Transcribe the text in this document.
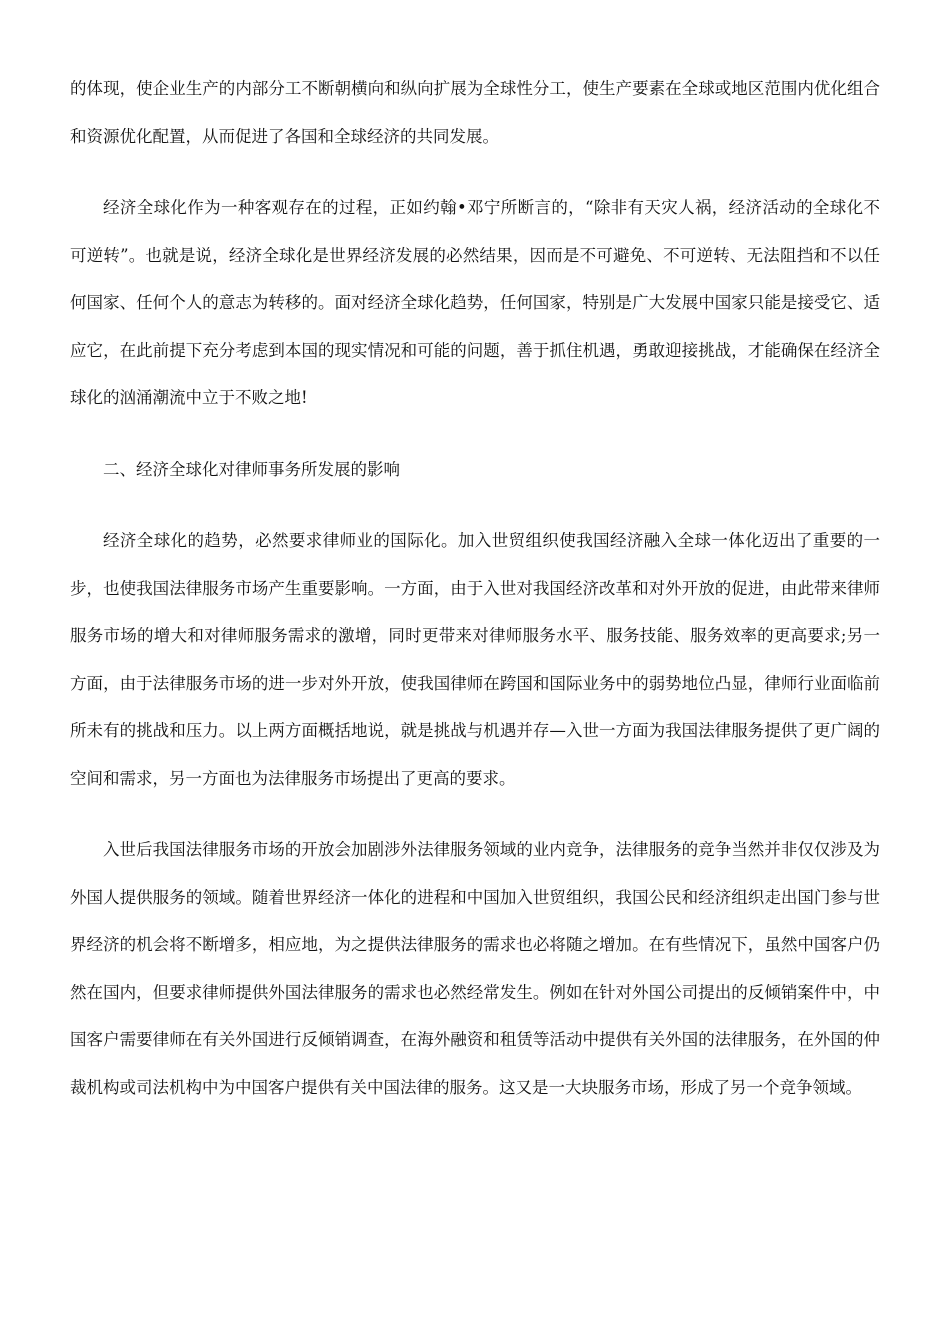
的体现，使企业生产的内部分工不断朝横向和纵向扩展为全球性分工，使生产要素在全球或地区范围内优化组合和资源优化配置，从而促进了各国和全球经济的共同发展。

经济全球化作为一种客观存在的过程，正如约翰•邓宁所断言的，“除非有天灾人祸，经济活动的全球化不可逆转”。也就是说，经济全球化是世界经济发展的必然结果，因而是不可避免、不可逆转、无法阻挡和不以任何国家、任何个人的意志为转移的。面对经济全球化趋势，任何国家，特别是广大发展中国家只能是接受它、适应它，在此前提下充分考虑到本国的现实情况和可能的问题，善于抓住机遇，勇敢迎接挑战，才能确保在经济全球化的汹涌潮流中立于不败之地!

二、经济全球化对律师事务所发展的影响

经济全球化的趋势，必然要求律师业的国际化。加入世贸组织使我国经济融入全球一体化迈出了重要的一步，也使我国法律服务市场产生重要影响。一方面，由于入世对我国经济改革和对外开放的促进，由此带来律师服务市场的增大和对律师服务需求的激增，同时更带来对律师服务水平、服务技能、服务效率的更高要求;另一方面，由于法律服务市场的进一步对外开放，使我国律师在跨国和国际业务中的弱势地位凸显，律师行业面临前所未有的挑战和压力。以上两方面概括地说，就是挑战与机遇并存—入世一方面为我国法律服务提供了更广阔的空间和需求，另一方面也为法律服务市场提出了更高的要求。

入世后我国法律服务市场的开放会加剧涉外法律服务领域的业内竞争，法律服务的竞争当然并非仅仅涉及为外国人提供服务的领域。随着世界经济一体化的进程和中国加入世贸组织，我国公民和经济组织走出国门参与世界经济的机会将不断增多，相应地，为之提供法律服务的需求也必将随之增加。在有些情况下，虽然中国客户仍然在国内，但要求律师提供外国法律服务的需求也必然经常发生。例如在针对外国公司提出的反倾销案件中，中国客户需要律师在有关外国进行反倾销调查，在海外融资和租赁等活动中提供有关外国的法律服务，在外国的仲裁机构或司法机构中为中国客户提供有关中国法律的服务。这又是一大块服务市场，形成了另一个竞争领域。
